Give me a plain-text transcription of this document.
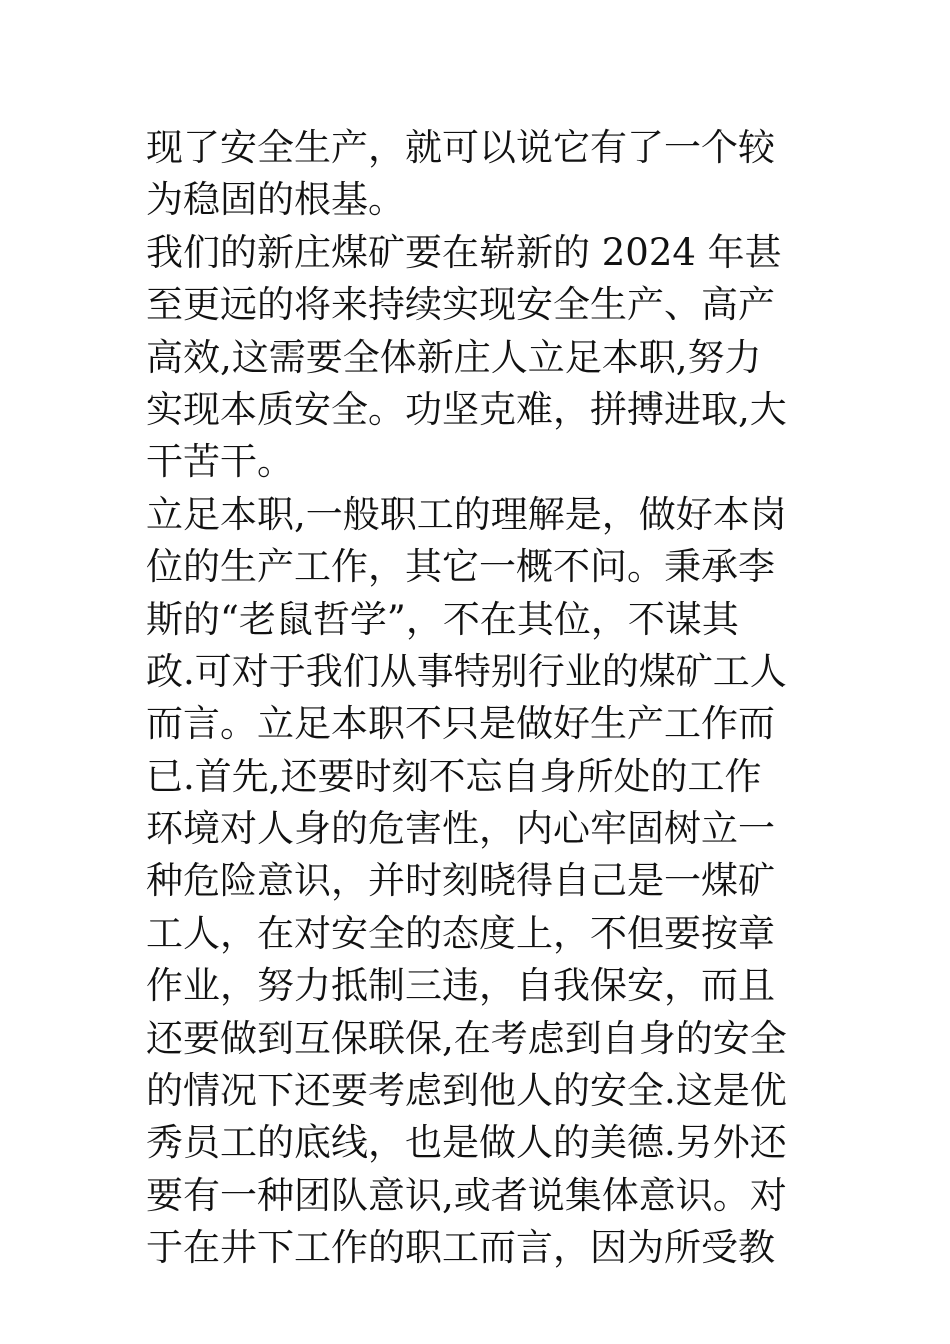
现了安全生产，就可以说它有了一个较
为稳固的根基。
我们的新庄煤矿要在崭新的 2024 年甚
至更远的将来持续实现安全生产、高产
高效,这需要全体新庄人立足本职,努力
实现本质安全。功坚克难，拼搏进取,大
干苦干。
立足本职,一般职工的理解是，做好本岗
位的生产工作，其它一概不问。秉承李
斯的“老鼠哲学”，不在其位，不谋其
政.可对于我们从事特别行业的煤矿工人
而言。立足本职不只是做好生产工作而
已.首先,还要时刻不忘自身所处的工作
环境对人身的危害性，内心牢固树立一
种危险意识，并时刻晓得自己是一煤矿
工人，在对安全的态度上，不但要按章
作业，努力抵制三违，自我保安，而且
还要做到互保联保,在考虑到自身的安全
的情况下还要考虑到他人的安全.这是优
秀员工的底线，也是做人的美德.另外还
要有一种团队意识,或者说集体意识。对
于在井下工作的职工而言，因为所受教
